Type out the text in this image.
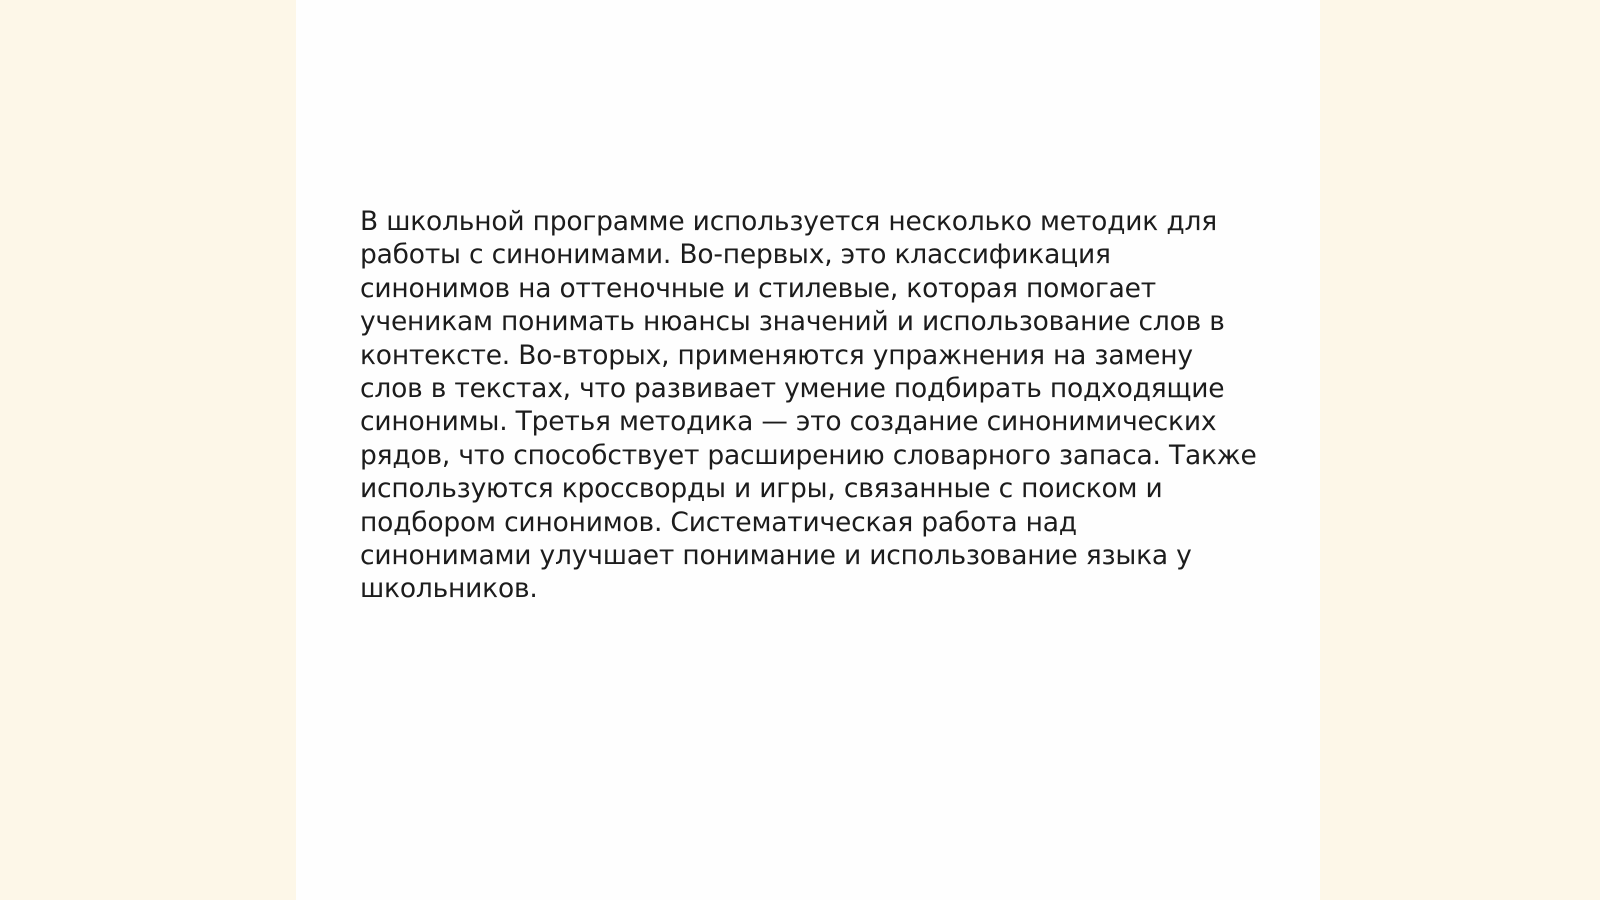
В школьной программе используется несколько методик для
работы с синонимами. Во-первых, это классификация
синонимов на оттеночные и стилевые, которая помогает
ученикам понимать нюансы значений и использование слов в
контексте. Во-вторых, применяются упражнения на замену
слов в текстах, что развивает умение подбирать подходящие
синонимы. Третья методика — это создание синонимических
рядов, что способствует расширению словарного запаса. Также
используются кроссворды и игры, связанные с поиском и
подбором синонимов. Систематическая работа над
синонимами улучшает понимание и использование языка у
школьников.
